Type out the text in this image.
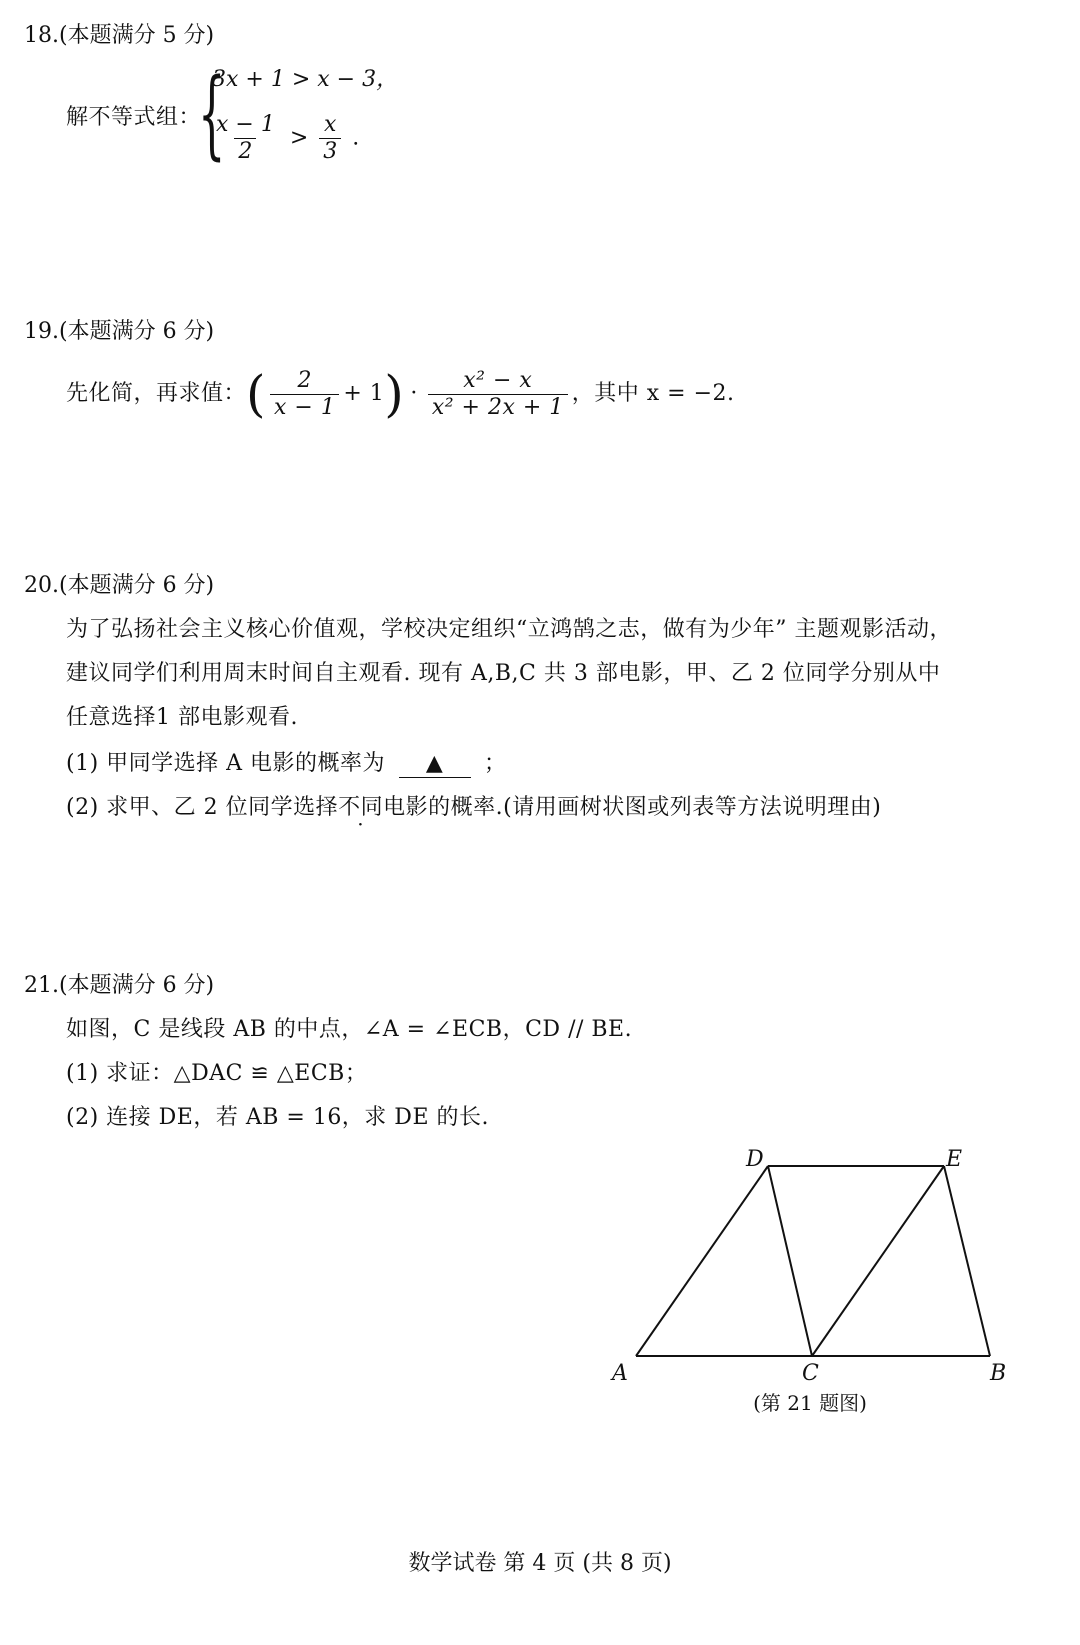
18.(本题满分 5 分)
解不等式组：
{
3x + 1 > x − 3，
$\frac{x - 1}{2} > \frac{x}{3}$ .
19.(本题满分 6 分)
先化简，再求值： ( $\frac{2}{x - 1} + 1$ ) · $\frac{\text{x² − x}}{\text{x² + 2x + 1}}$ ，其中 x = −2.
20.(本题满分 6 分)
为了弘扬社会主义核心价值观，学校决定组织“立鸿鹄之志，做有为少年” 主题观影活动，
建议同学们利用周末时间自主观看. 现有 A,B,C 共 3 部电影，甲、乙 2 位同学分别从中
任意选择1 部电影观看.
(1) 甲同学选择 A 电影的概率为 ▲ ；
(2) 求甲、乙 2 位同学选择不同电影的概率.(请用画树状图或列表等方法说明理由)
21.(本题满分 6 分)
如图，C 是线段 AB 的中点，∠A = ∠ECB，CD // BE.
(1) 求证：△DAC ≌ △ECB；
(2) 连接 DE，若 AB = 16，求 DE 的长.
D	E
A	C	B
(第 21 题图)
数学试卷 第 4 页 (共 8 页)
